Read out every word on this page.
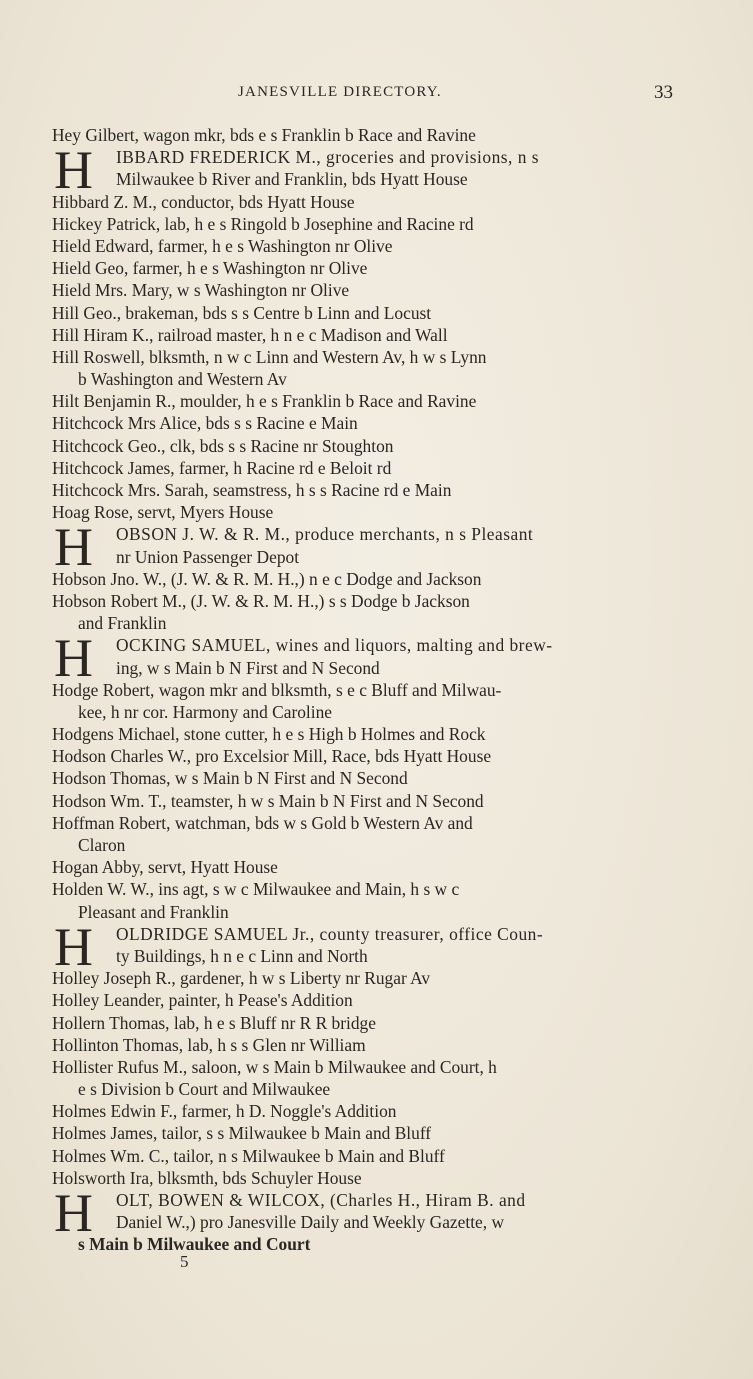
JANESVILLE DIRECTORY.	33
Hey Gilbert, wagon mkr, bds e s Franklin b Race and Ravine
H	IBBARD FREDERICK M., groceries and provisions, n s
Milwaukee b River and Franklin, bds Hyatt House
Hibbard Z. M., conductor, bds Hyatt House
Hickey Patrick, lab, h e s Ringold b Josephine and Racine rd
Hield Edward, farmer, h e s Washington nr Olive
Hield Geo, farmer, h e s Washington nr Olive
Hield Mrs. Mary, w s Washington nr Olive
Hill Geo., brakeman, bds s s Centre b Linn and Locust
Hill Hiram K., railroad master, h n e c Madison and Wall
Hill Roswell, blksmth, n w c Linn and Western Av, h w s Lynn
b Washington and Western Av
Hilt Benjamin R., moulder, h e s Franklin b Race and Ravine
Hitchcock Mrs Alice, bds s s Racine e Main
Hitchcock Geo., clk, bds s s Racine nr Stoughton
Hitchcock James, farmer, h Racine rd e Beloit rd
Hitchcock Mrs. Sarah, seamstress, h s s Racine rd e Main
Hoag Rose, servt, Myers House
H	OBSON J. W. & R. M., produce merchants, n s Pleasant
nr Union Passenger Depot
Hobson Jno. W., (J. W. & R. M. H.,) n e c Dodge and Jackson
Hobson Robert M., (J. W. & R. M. H.,) s s Dodge b Jackson
and Franklin
H	OCKING SAMUEL, wines and liquors, malting and brew-
ing, w s Main b N First and N Second
Hodge Robert, wagon mkr and blksmth, s e c Bluff and Milwau-
kee, h nr cor. Harmony and Caroline
Hodgens Michael, stone cutter, h e s High b Holmes and Rock
Hodson Charles W., pro Excelsior Mill, Race, bds Hyatt House
Hodson Thomas, w s Main b N First and N Second
Hodson Wm. T., teamster, h w s Main b N First and N Second
Hoffman Robert, watchman, bds w s Gold b Western Av and
Claron
Hogan Abby, servt, Hyatt House
Holden W. W., ins agt, s w c Milwaukee and Main, h s w c
Pleasant and Franklin
H	OLDRIDGE SAMUEL Jr., county treasurer, office Coun-
ty Buildings, h n e c Linn and North
Holley Joseph R., gardener, h w s Liberty nr Rugar Av
Holley Leander, painter, h Pease's Addition
Hollern Thomas, lab, h e s Bluff nr R R bridge
Hollinton Thomas, lab, h s s Glen nr William
Hollister Rufus M., saloon, w s Main b Milwaukee and Court, h
e s Division b Court and Milwaukee
Holmes Edwin F., farmer, h D. Noggle's Addition
Holmes James, tailor, s s Milwaukee b Main and Bluff
Holmes Wm. C., tailor, n s Milwaukee b Main and Bluff
Holsworth Ira, blksmth, bds Schuyler House
H	OLT, BOWEN & WILCOX, (Charles H., Hiram B. and
Daniel W.,) pro Janesville Daily and Weekly Gazette, w
s Main b Milwaukee and Court
5
